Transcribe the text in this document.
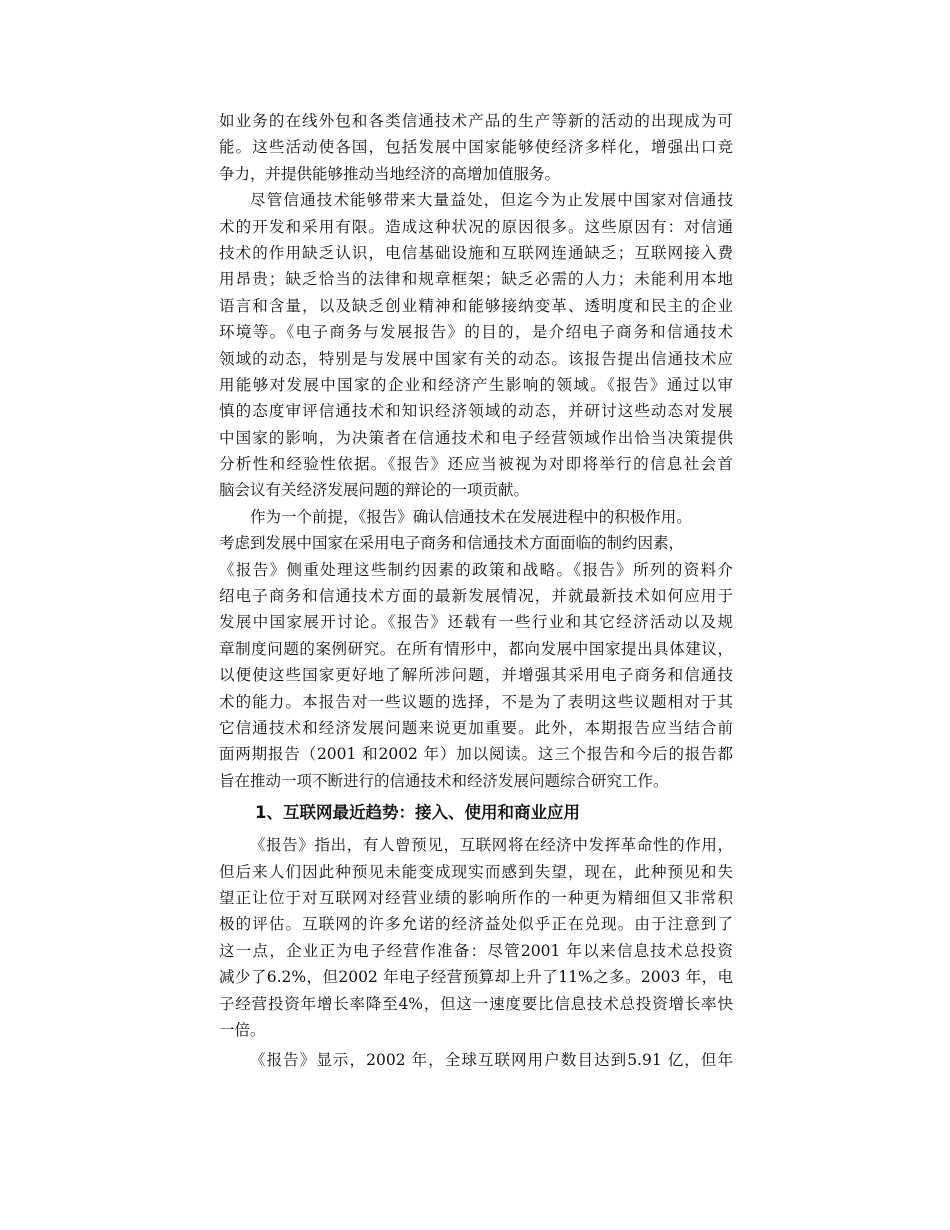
如业务的在线外包和各类信通技术产品的生产等新的活动的出现成为可
能。这些活动使各国，包括发展中国家能够使经济多样化，增强出口竞
争力，并提供能够推动当地经济的高增加值服务。
尽管信通技术能够带来大量益处，但迄今为止发展中国家对信通技
术的开发和采用有限。造成这种状况的原因很多。这些原因有：对信通
技术的作用缺乏认识，电信基础设施和互联网连通缺乏；互联网接入费
用昂贵；缺乏恰当的法律和规章框架；缺乏必需的人力；未能利用本地
语言和含量，以及缺乏创业精神和能够接纳变革、透明度和民主的企业
环境等。《电子商务与发展报告》的目的，是介绍电子商务和信通技术
领域的动态，特别是与发展中国家有关的动态。该报告提出信通技术应
用能够对发展中国家的企业和经济产生影响的领域。《报告》通过以审
慎的态度审评信通技术和知识经济领域的动态，并研讨这些动态对发展
中国家的影响，为决策者在信通技术和电子经营领域作出恰当决策提供
分析性和经验性依据。《报告》还应当被视为对即将举行的信息社会首
脑会议有关经济发展问题的辩论的一项贡献。
作为一个前提，《报告》确认信通技术在发展进程中的积极作用。
考虑到发展中国家在采用电子商务和信通技术方面面临的制约因素，
《报告》侧重处理这些制约因素的政策和战略。《报告》所列的资料介
绍电子商务和信通技术方面的最新发展情况，并就最新技术如何应用于
发展中国家展开讨论。《报告》还载有一些行业和其它经济活动以及规
章制度问题的案例研究。在所有情形中，都向发展中国家提出具体建议，
以便使这些国家更好地了解所涉问题，并增强其采用电子商务和信通技
术的能力。本报告对一些议题的选择，不是为了表明这些议题相对于其
它信通技术和经济发展问题来说更加重要。此外，本期报告应当结合前
面两期报告（2001 和2002 年）加以阅读。这三个报告和今后的报告都
旨在推动一项不断进行的信通技术和经济发展问题综合研究工作。
1、互联网最近趋势：接入、使用和商业应用
《报告》指出，有人曾预见，互联网将在经济中发挥革命性的作用，
但后来人们因此种预见未能变成现实而感到失望，现在，此种预见和失
望正让位于对互联网对经营业绩的影响所作的一种更为精细但又非常积
极的评估。互联网的许多允诺的经济益处似乎正在兑现。由于注意到了
这一点，企业正为电子经营作准备：尽管2001 年以来信息技术总投资
减少了6.2%，但2002 年电子经营预算却上升了11%之多。2003 年，电
子经营投资年增长率降至4%，但这一速度要比信息技术总投资增长率快
一倍。
《报告》显示，2002 年，全球互联网用户数目达到5.91 亿，但年
